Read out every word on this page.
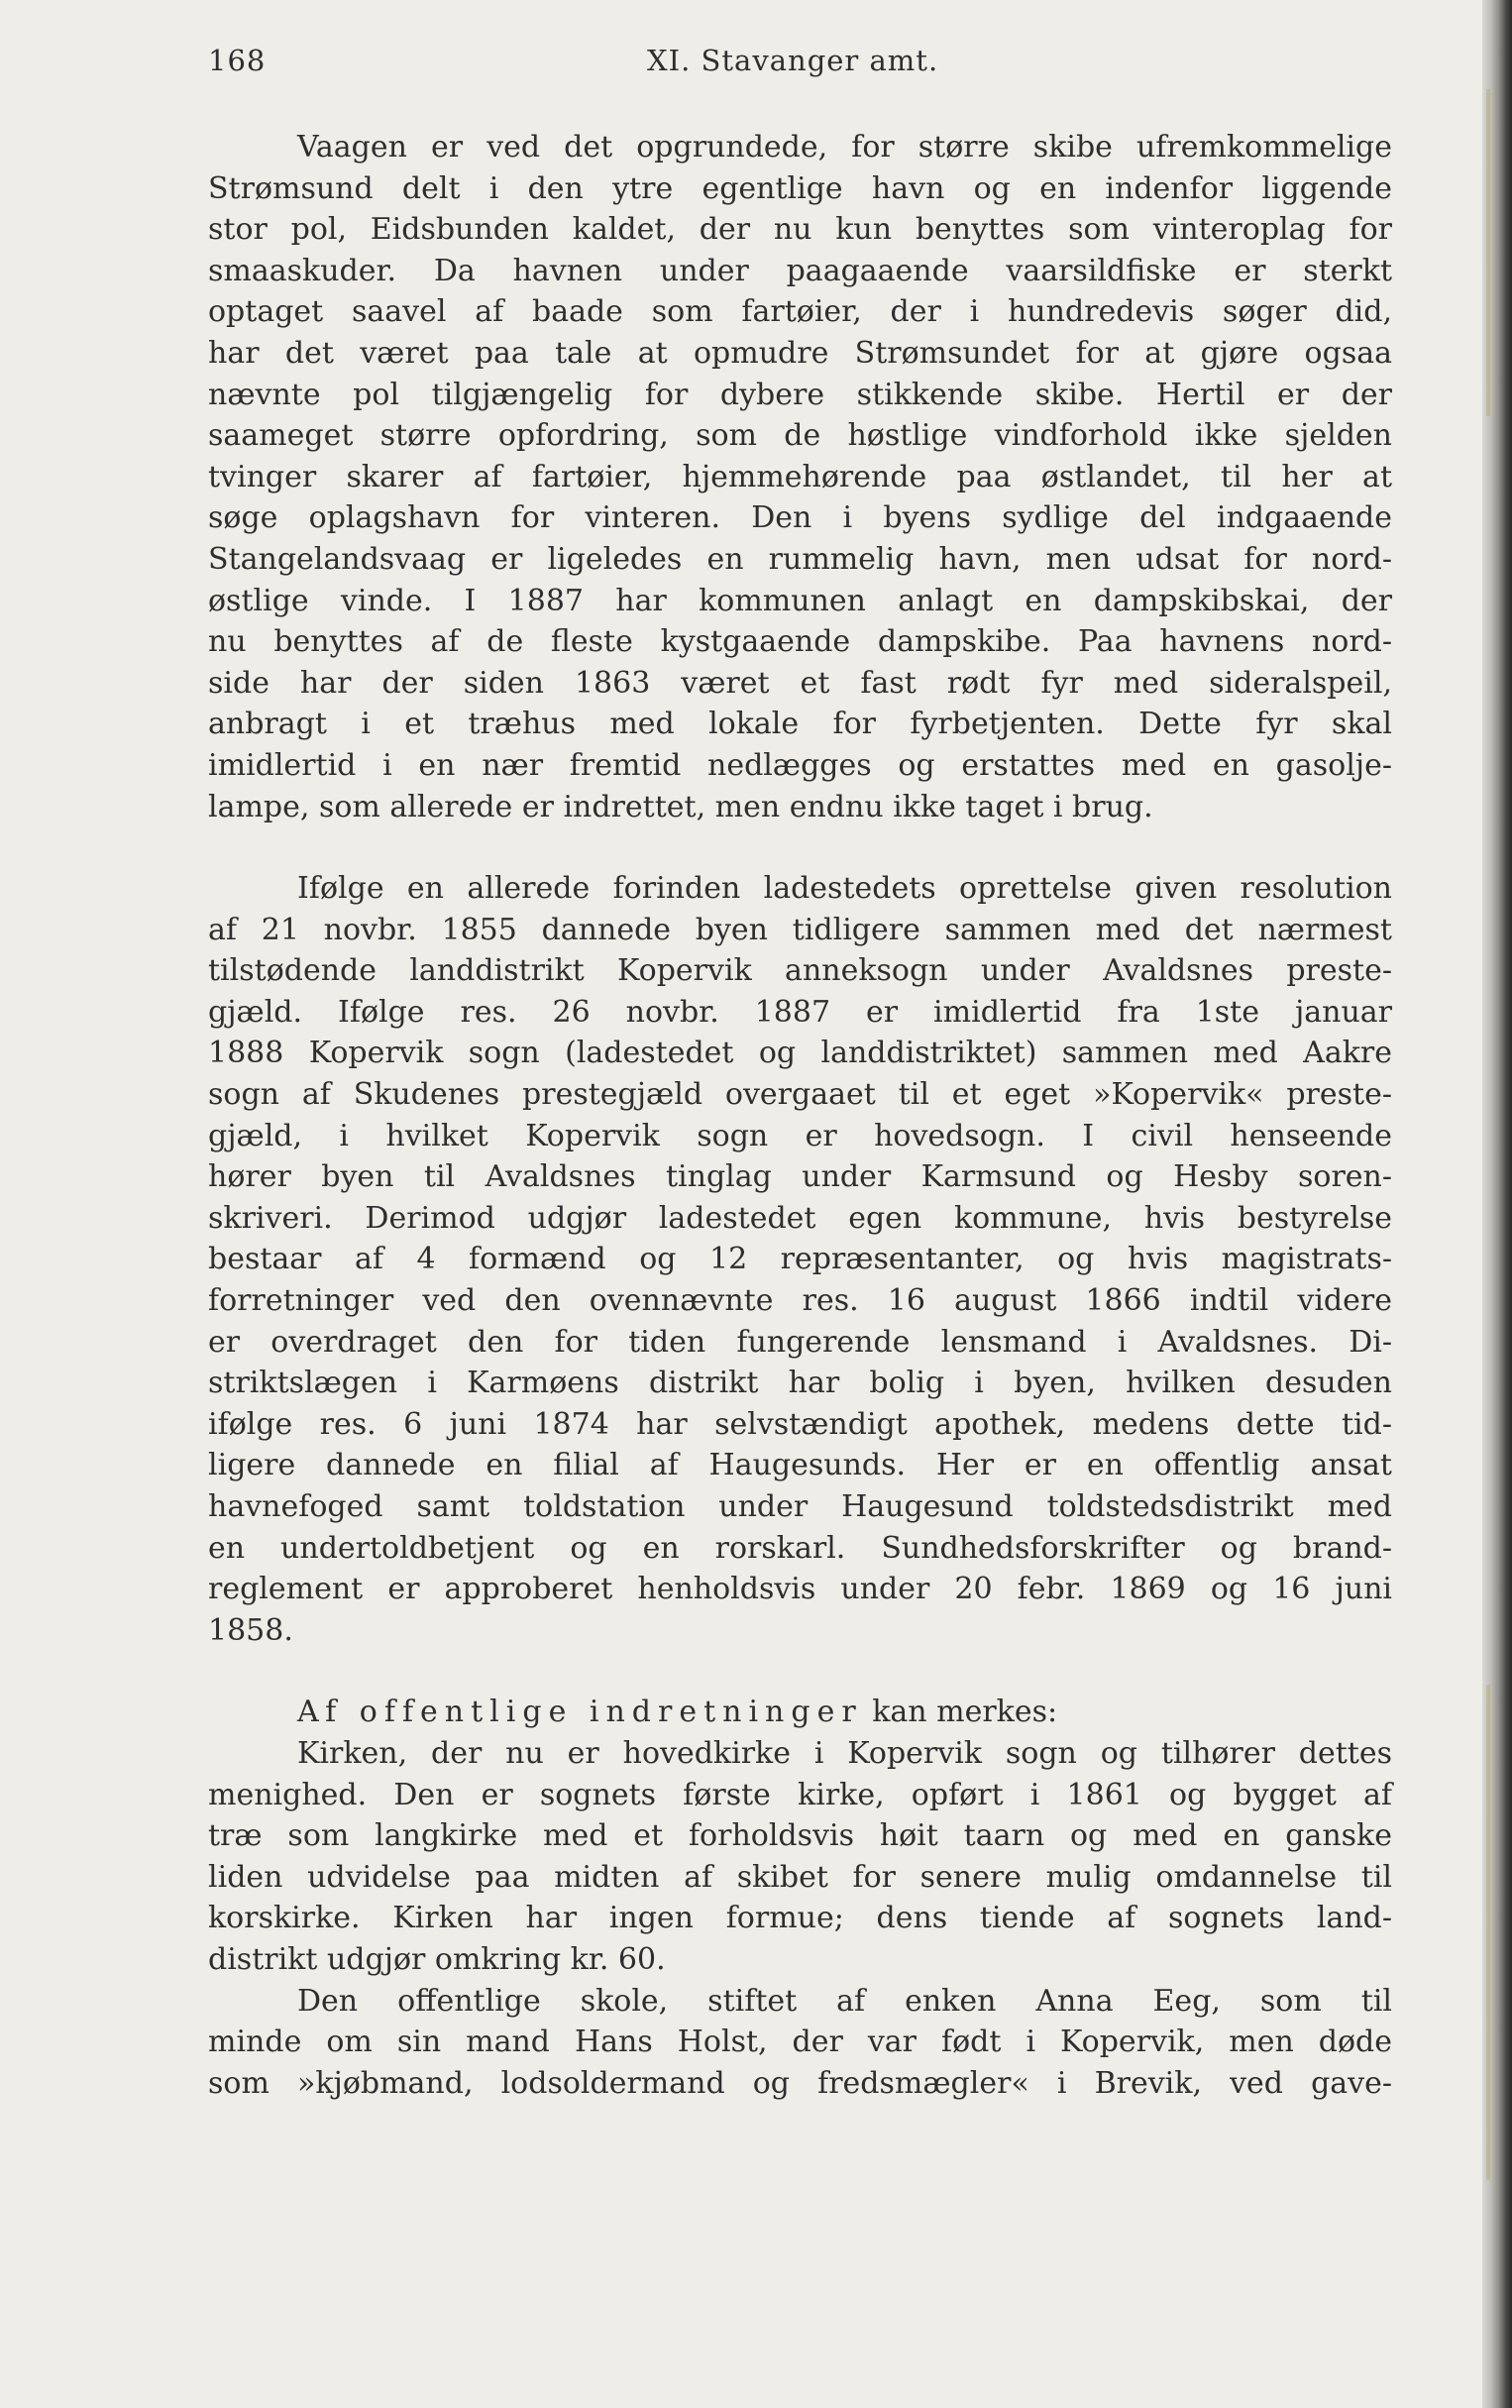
168	XI. Stavanger amt.

Vaagen er ved det opgrundede, for større skibe ufremkommelige

Strømsund delt i den ytre egentlige havn og en indenfor liggende

stor pol, Eidsbunden kaldet, der nu kun benyttes som vinteroplag for

smaaskuder. Da havnen under paagaaende vaarsildfiske er sterkt

optaget saavel af baade som fartøier, der i hundredevis søger did,

har det været paa tale at opmudre Strømsundet for at gjøre ogsaa

nævnte pol tilgjængelig for dybere stikkende skibe. Hertil er der

saameget større opfordring, som de høstlige vindforhold ikke sjelden

tvinger skarer af fartøier, hjemmehørende paa østlandet, til her at

søge oplagshavn for vinteren. Den i byens sydlige del indgaaende

Stangelandsvaag er ligeledes en rummelig havn, men udsat for nord-

østlige vinde. I 1887 har kommunen anlagt en dampskibskai, der

nu benyttes af de fleste kystgaaende dampskibe. Paa havnens nord-

side har der siden 1863 været et fast rødt fyr med sideralspeil,

anbragt i et træhus med lokale for fyrbetjenten. Dette fyr skal

imidlertid i en nær fremtid nedlægges og erstattes med en gasolje-

lampe, som allerede er indrettet, men endnu ikke taget i brug.

Ifølge en allerede forinden ladestedets oprettelse given resolution

af 21 novbr. 1855 dannede byen tidligere sammen med det nærmest

tilstødende landdistrikt Kopervik anneksogn under Avaldsnes preste-

gjæld. Ifølge res. 26 novbr. 1887 er imidlertid fra 1ste januar

1888 Kopervik sogn (ladestedet og landdistriktet) sammen med Aakre

sogn af Skudenes prestegjæld overgaaet til et eget »Kopervik« preste-

gjæld, i hvilket Kopervik sogn er hovedsogn. I civil henseende

hører byen til Avaldsnes tinglag under Karmsund og Hesby soren-

skriveri. Derimod udgjør ladestedet egen kommune, hvis bestyrelse

bestaar af 4 formænd og 12 repræsentanter, og hvis magistrats-

forretninger ved den ovennævnte res. 16 august 1866 indtil videre

er overdraget den for tiden fungerende lensmand i Avaldsnes. Di-

striktslægen i Karmøens distrikt har bolig i byen, hvilken desuden

ifølge res. 6 juni 1874 har selvstændigt apothek, medens dette tid-

ligere dannede en filial af Haugesunds. Her er en offentlig ansat

havnefoged samt toldstation under Haugesund toldstedsdistrikt med

en undertoldbetjent og en rorskarl. Sundhedsforskrifter og brand-

reglement er approberet henholdsvis under 20 febr. 1869 og 16 juni

1858.

Af offentlige indretninger kan merkes:

Kirken, der nu er hovedkirke i Kopervik sogn og tilhører dettes

menighed. Den er sognets første kirke, opført i 1861 og bygget af

træ som langkirke med et forholdsvis høit taarn og med en ganske

liden udvidelse paa midten af skibet for senere mulig omdannelse til

korskirke. Kirken har ingen formue; dens tiende af sognets land-

distrikt udgjør omkring kr. 60.

Den offentlige skole, stiftet af enken Anna Eeg, som til

minde om sin mand Hans Holst, der var født i Kopervik, men døde

som »kjøbmand, lodsoldermand og fredsmægler« i Brevik, ved gave-
